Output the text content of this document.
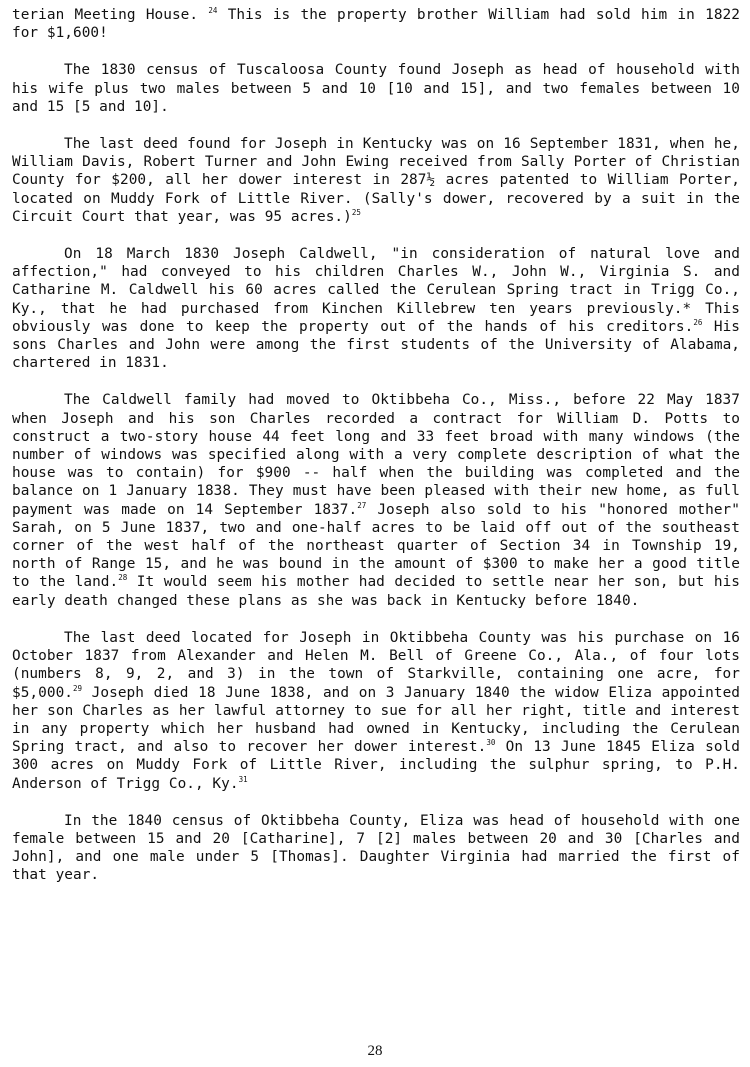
terian Meeting House. $^{24}$ This is the property brother William had sold him in 1822 for $1,600!

The 1830 census of Tuscaloosa County found Joseph as head of household with his wife plus two males between 5 and 10 [10 and 15], and two females between 10 and 15 [5 and 10].

The last deed found for Joseph in Kentucky was on 16 September 1831, when he, William Davis, Robert Turner and John Ewing received from Sally Porter of Christian County for $200, all her dower interest in 287½ acres patented to William Porter, located on Muddy Fork of Little River. (Sally's dower, recovered by a suit in the Circuit Court that year, was 95 acres.)$^{25}$

On 18 March 1830 Joseph Caldwell, "in consideration of natural love and affection," had conveyed to his children Charles W., John W., Virginia S. and Catharine M. Caldwell his 60 acres called the Cerulean Spring tract in Trigg Co., Ky., that he had purchased from Kinchen Killebrew ten years previously.* This obviously was done to keep the property out of the hands of his creditors.$^{26}$ His sons Charles and John were among the first students of the University of Alabama, chartered in 1831.

The Caldwell family had moved to Oktibbeha Co., Miss., before 22 May 1837 when Joseph and his son Charles recorded a contract for William D. Potts to construct a two-story house 44 feet long and 33 feet broad with many windows (the number of windows was specified along with a very complete description of what the house was to contain) for $900 -- half when the building was completed and the balance on 1 January 1838. They must have been pleased with their new home, as full payment was made on 14 September 1837.27 Joseph also sold to his "honored mother" Sarah, on 5 June 1837, two and one-half acres to be laid off out of the southeast corner of the west half of the northeast quarter of Section 34 in Township 19, north of Range 15, and he was bound in the amount of $300 to make her a good title to the land.$^{28}$ It would seem his mother had decided to settle near her son, but his early death changed these plans as she was back in Kentucky before 1840.

The last deed located for Joseph in Oktibbeha County was his purchase on 16 October 1837 from Alexander and Helen M. Bell of Greene Co., Ala., of four lots (numbers 8, 9, 2, and 3) in the town of Starkville, containing one acre, for $5,000.29 Joseph died 18 June 1838, and on 3 January 1840 the widow Eliza appointed her son Charles as her lawful attorney to sue for all her right, title and interest in any property which her husband had owned in Kentucky, including the Cerulean Spring tract, and also to recover her dower interest.$^{30}$ On 13 June 1845 Eliza sold 300 acres on Muddy Fork of Little River, including the sulphur spring, to P.H. Anderson of Trigg Co., Ky.$^{31}$

In the 1840 census of Oktibbeha County, Eliza was head of household with one female between 15 and 20 [Catharine], 7 [2] males between 20 and 30 [Charles and John], and one male under 5 [Thomas]. Daughter Virginia had married the first of that year.

28
